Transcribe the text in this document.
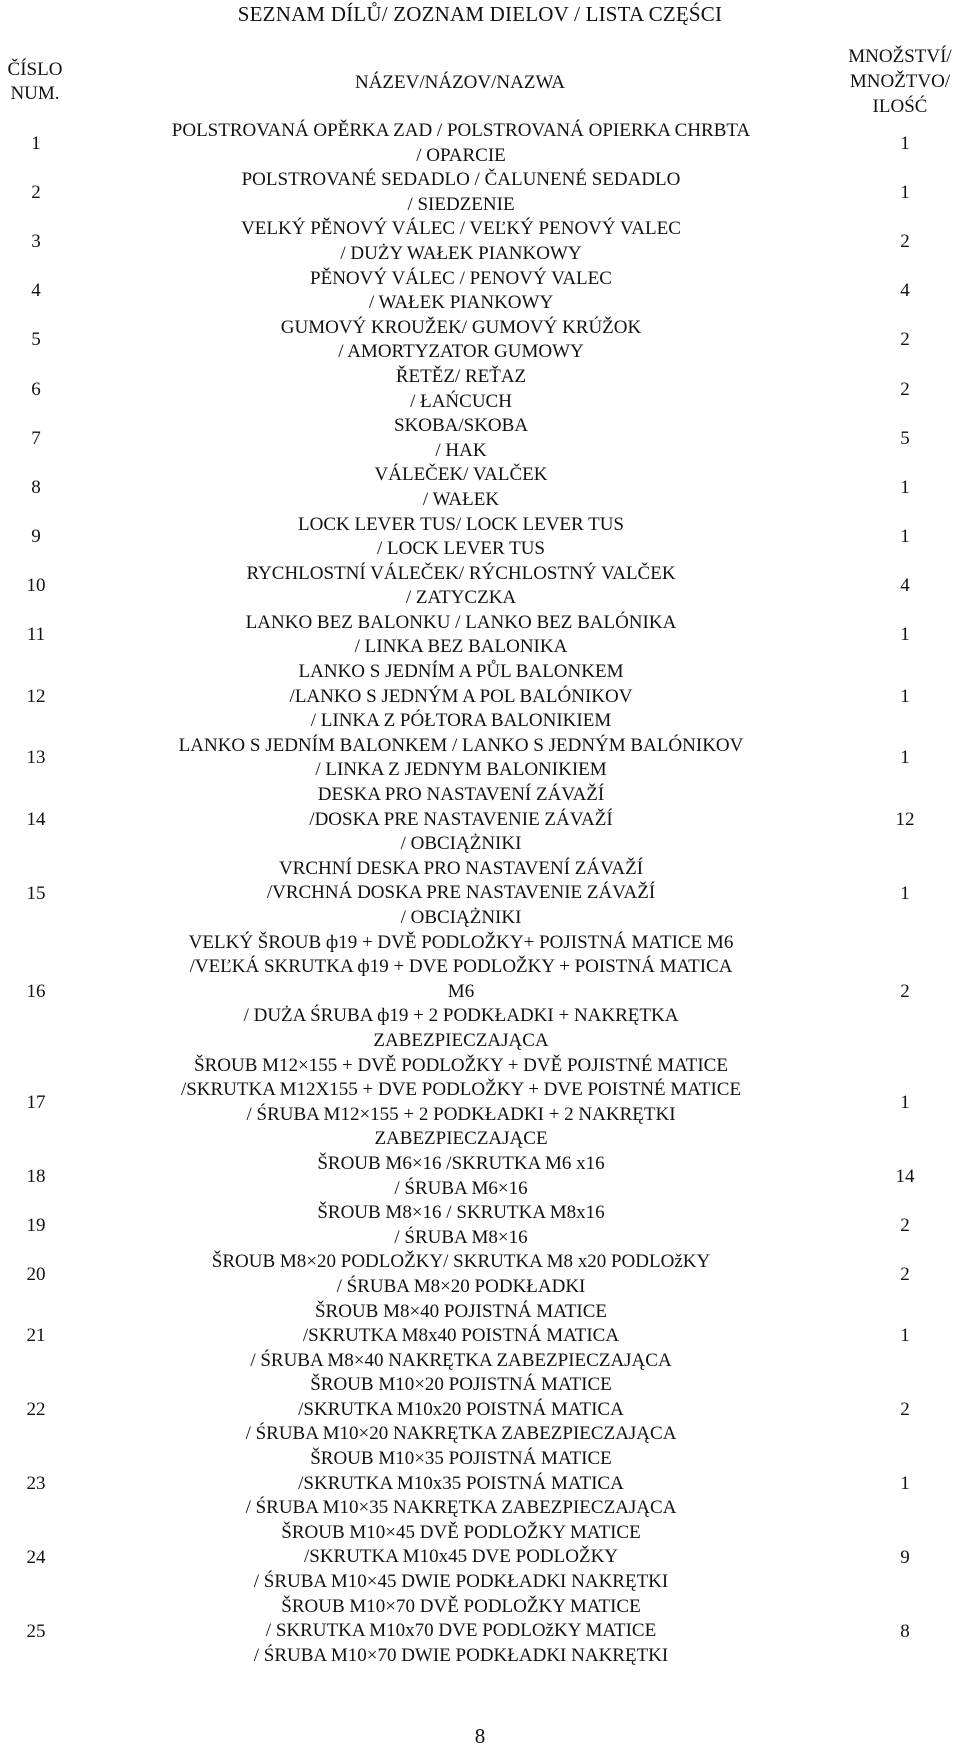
SEZNAM DÍLŮ/ ZOZNAM DIELOV / LISTA CZĘŚCI
ČÍSLO
NUM.
NÁZEV/NÁZOV/NAZWA
MNOŽSTVÍ/
MNOŽTVO/
ILOŚĆ
1
POLSTROVANÁ OPĚRKA ZAD / POLSTROVANÁ OPIERKA CHRBTA
/ OPARCIE
1
2
POLSTROVANÉ SEDADLO / ČALUNENÉ SEDADLO
/ SIEDZENIE
1
3
VELKÝ PĚNOVÝ VÁLEC / VEĽKÝ PENOVÝ VALEC
/ DUŻY WAŁEK PIANKOWY
2
4
PĚNOVÝ VÁLEC / PENOVÝ VALEC
/ WAŁEK PIANKOWY
4
5
GUMOVÝ KROUŽEK/ GUMOVÝ KRÚŽOK
/ AMORTYZATOR GUMOWY
2
6
ŘETĚZ/ REŤAZ
/ ŁAŃCUCH
2
7
SKOBA/SKOBA
/ HAK
5
8
VÁLEČEK/ VALČEK
/ WAŁEK
1
9
LOCK LEVER TUS/ LOCK LEVER TUS
/ LOCK LEVER TUS
1
10
RYCHLOSTNÍ VÁLEČEK/ RÝCHLOSTNÝ VALČEK
/ ZATYCZKA
4
11
LANKO BEZ BALONKU / LANKO BEZ BALÓNIKA
/ LINKA BEZ BALONIKA
1
12
LANKO S JEDNÍM A PŮL BALONKEM
/LANKO S JEDNÝM A POL BALÓNIKOV
/ LINKA Z PÓŁTORA BALONIKIEM
1
13
LANKO S JEDNÍM BALONKEM / LANKO S JEDNÝM BALÓNIKOV
/ LINKA Z JEDNYM BALONIKIEM
1
14
DESKA PRO NASTAVENÍ ZÁVAŽÍ
/DOSKA PRE NASTAVENIE ZÁVAŽÍ
/ OBCIĄŻNIKI
12
15
VRCHNÍ DESKA PRO NASTAVENÍ ZÁVAŽÍ
/VRCHNÁ DOSKA PRE NASTAVENIE ZÁVAŽÍ
/ OBCIĄŻNIKI
1
16
VELKÝ ŠROUB ф19 + DVĚ PODLOŽKY+ POJISTNÁ MATICE M6
/VEĽKÁ SKRUTKA ф19 + DVE PODLOŽKY + POISTNÁ MATICA
M6
/ DUŻA ŚRUBA ф19 + 2 PODKŁADKI + NAKRĘTKA
ZABEZPIECZAJĄCA
2
17
ŠROUB M12×155 + DVĚ PODLOŽKY + DVĚ POJISTNÉ MATICE
/SKRUTKA M12X155 + DVE PODLOŽKY + DVE POISTNÉ MATICE
/ ŚRUBA M12×155 + 2 PODKŁADKI + 2 NAKRĘTKI
ZABEZPIECZAJĄCE
1
18
ŠROUB M6×16 /SKRUTKA M6 x16
/ ŚRUBA M6×16
14
19
ŠROUB M8×16 / SKRUTKA M8x16
/ ŚRUBA M8×16
2
20
ŠROUB M8×20 PODLOŽKY/ SKRUTKA M8 x20 PODLOžKY
/ ŚRUBA M8×20 PODKŁADKI
2
21
ŠROUB M8×40 POJISTNÁ MATICE
/SKRUTKA M8x40 POISTNÁ MATICA
/ ŚRUBA M8×40 NAKRĘTKA ZABEZPIECZAJĄCA
1
22
ŠROUB M10×20 POJISTNÁ MATICE
/SKRUTKA M10x20 POISTNÁ MATICA
/ ŚRUBA M10×20 NAKRĘTKA ZABEZPIECZAJĄCA
2
23
ŠROUB M10×35 POJISTNÁ MATICE
/SKRUTKA M10x35 POISTNÁ MATICA
/ ŚRUBA M10×35 NAKRĘTKA ZABEZPIECZAJĄCA
1
24
ŠROUB M10×45 DVĚ PODLOŽKY MATICE
/SKRUTKA M10x45 DVE PODLOŽKY
/ ŚRUBA M10×45 DWIE PODKŁADKI NAKRĘTKI
9
25
ŠROUB M10×70 DVĚ PODLOŽKY MATICE
/ SKRUTKA M10x70 DVE PODLOžKY MATICE
/ ŚRUBA M10×70 DWIE PODKŁADKI NAKRĘTKI
8
8
